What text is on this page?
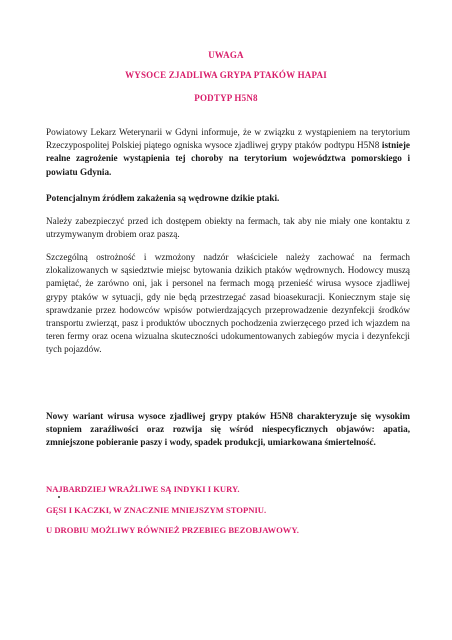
UWAGA
WYSOCE ZJADLIWA GRYPA PTAKÓW HAPAI
PODTYP H5N8
Powiatowy Lekarz Weterynarii w Gdyni informuje, że w związku z wystąpieniem na terytorium Rzeczypospolitej Polskiej piątego ogniska wysoce zjadliwej grypy ptaków podtypu H5N8 istnieje realne zagrożenie wystąpienia tej choroby na terytorium województwa pomorskiego i powiatu Gdynia.
Potencjalnym źródłem zakażenia są wędrowne dzikie ptaki.
Należy zabezpieczyć przed ich dostępem obiekty na fermach, tak aby nie miały one kontaktu z utrzymywanym drobiem oraz paszą.
Szczególną ostrożność i wzmożony nadzór właściciele należy zachować na fermach zlokalizowanych w sąsiedztwie miejsc bytowania dzikich ptaków wędrownych. Hodowcy muszą pamiętać, że zarówno oni, jak i personel na fermach mogą przenieść wirusa wysoce zjadliwej grypy ptaków w sytuacji, gdy nie będą przestrzegać zasad bioasekuracji. Koniecznym staje się sprawdzanie przez hodowców wpisów potwierdzających przeprowadzenie dezynfekcji środków transportu zwierząt, pasz i produktów ubocznych pochodzenia zwierzęcego przed ich wjazdem na teren fermy oraz ocena wizualna skuteczności udokumentowanych zabiegów mycia i dezynfekcji tych pojazdów.
Nowy wariant wirusa wysoce zjadliwej grypy ptaków H5N8 charakteryzuje się wysokim stopniem zaraźliwości oraz rozwija się wśród niespecyficznych objawów: apatia, zmniejszone pobieranie paszy i wody, spadek produkcji, umiarkowana śmiertelność.
NAJBARDZIEJ WRAŻLIWE SĄ INDYKI I KURY.
GĘSI I KACZKI, W ZNACZNIE MNIEJSZYM STOPNIU.
U DROBIU MOŻLIWY RÓWNIEŻ PRZEBIEG BEZOBJAWOWY.
